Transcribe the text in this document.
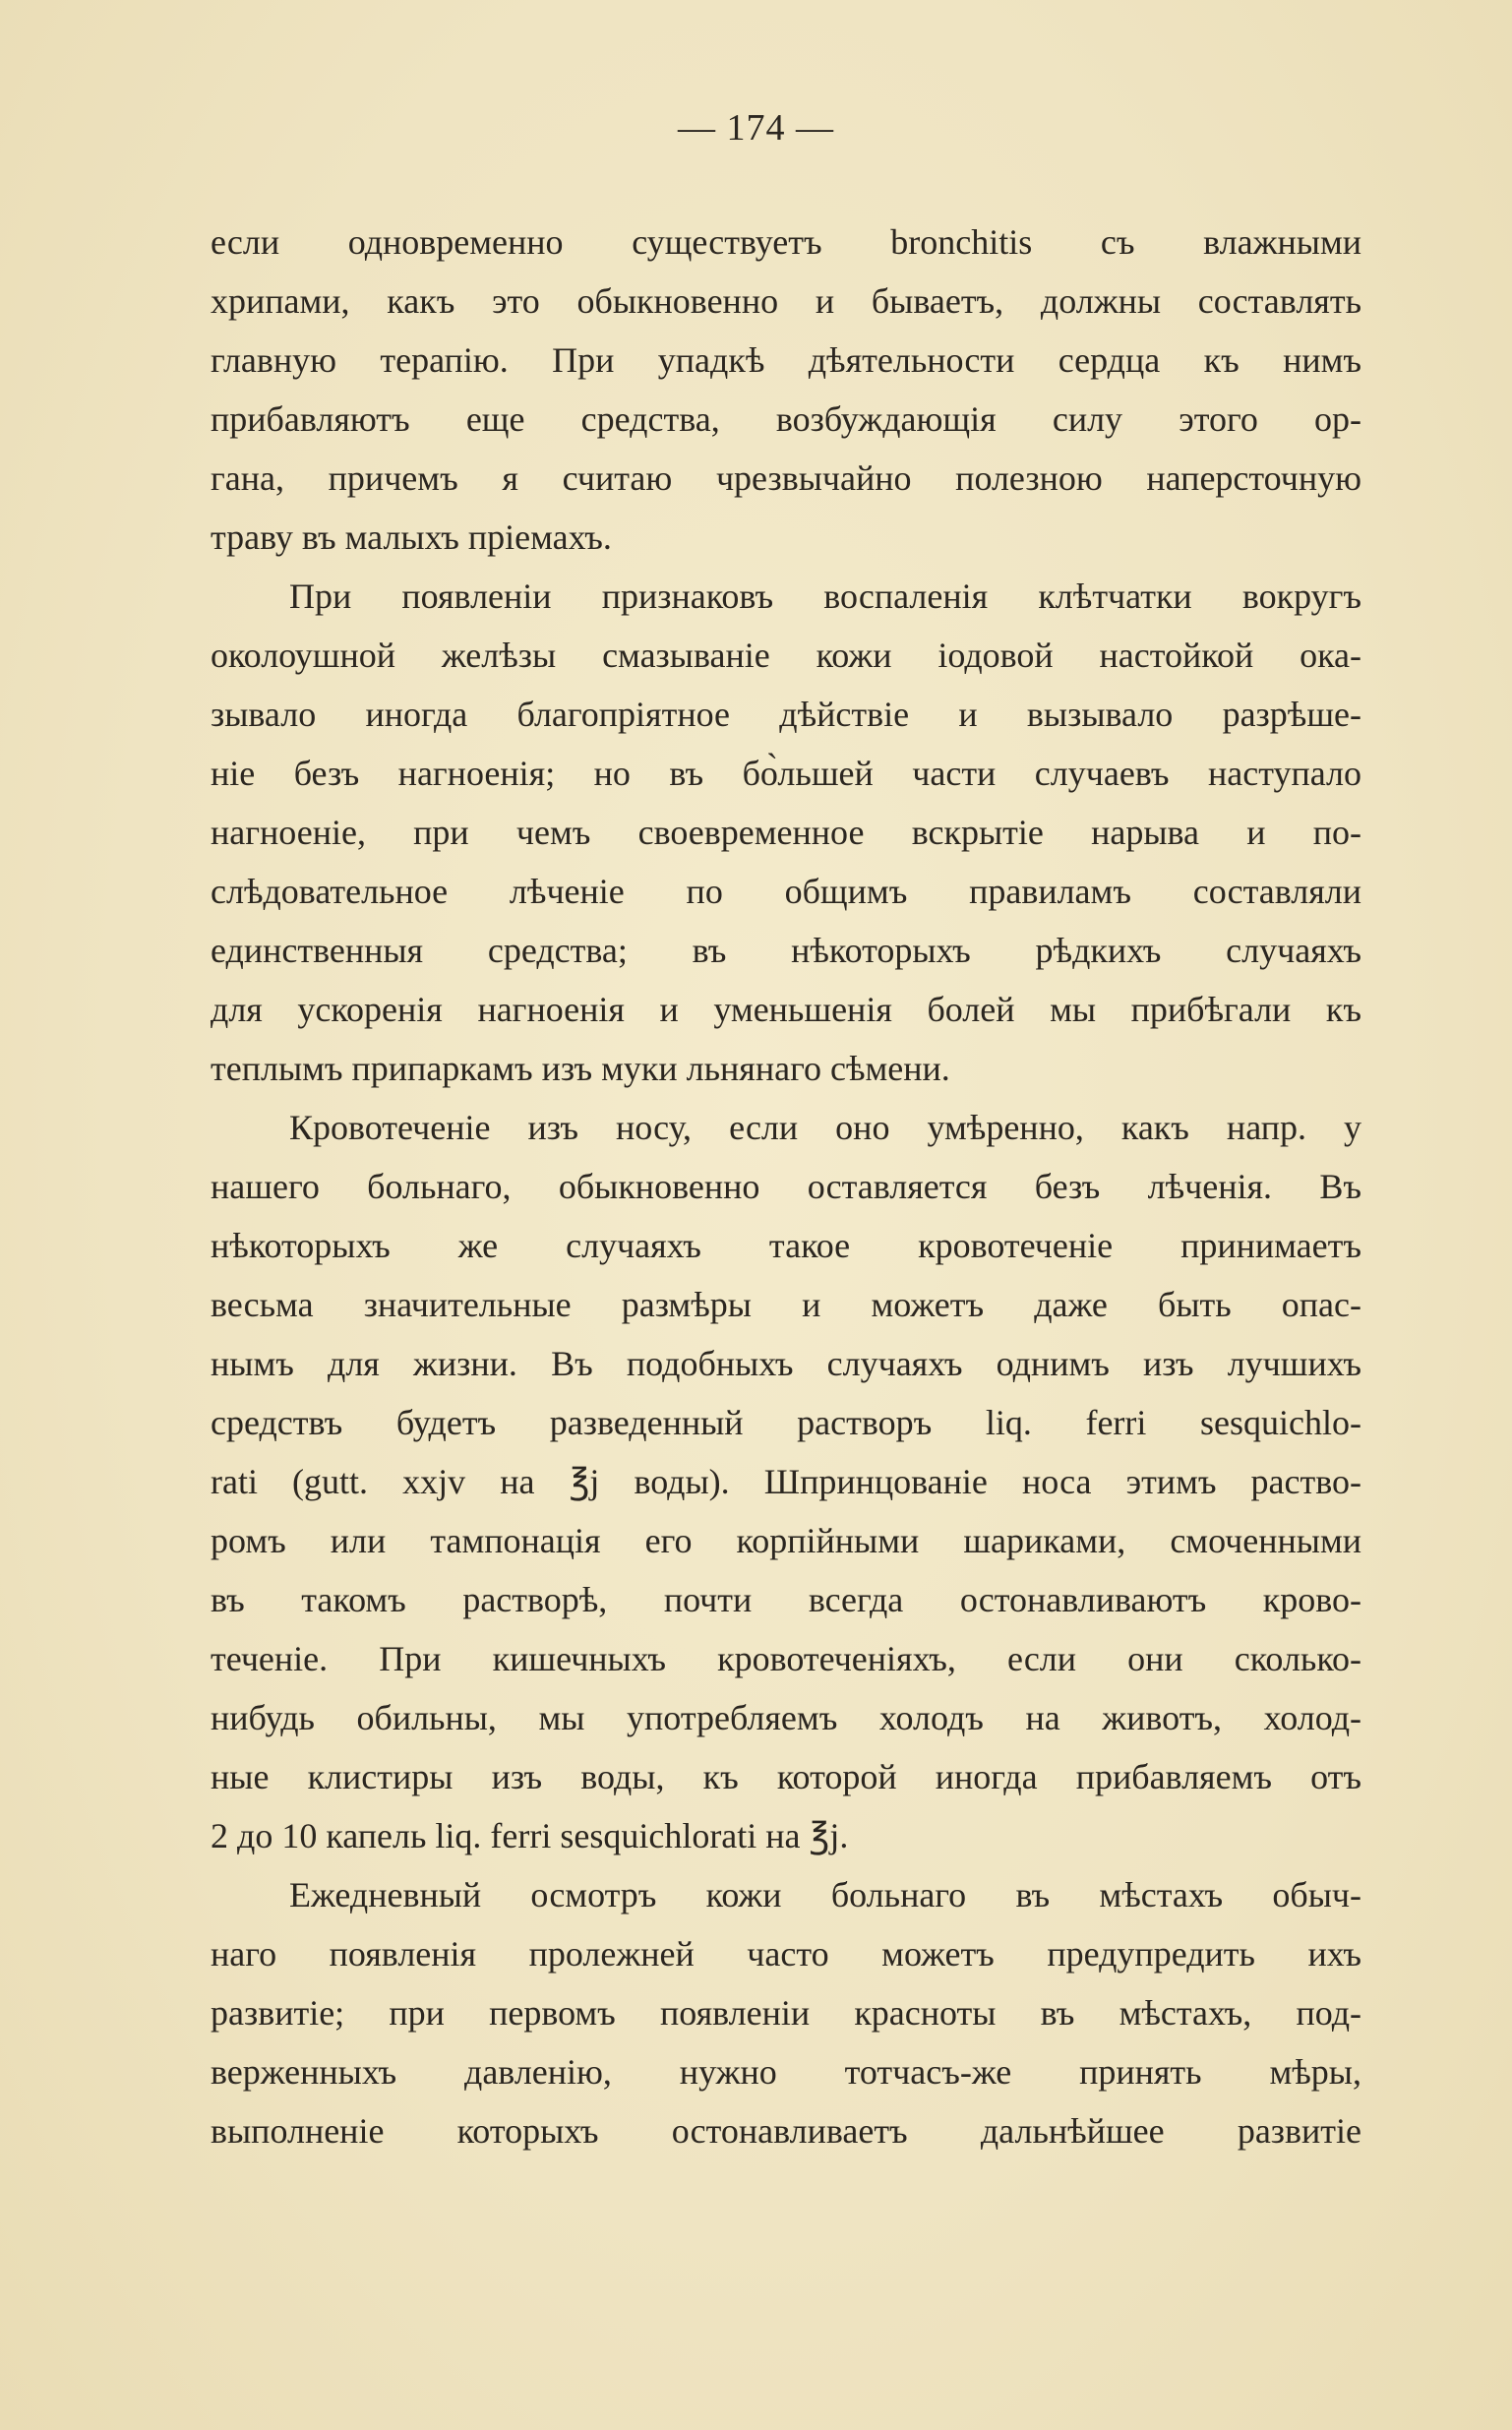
— 174 —
если одновременно существуетъ bronchitis съ влажными
хрипами, какъ это обыкновенно и бываетъ, должны составлять
главную терапію. При упадкѣ дѣятельности сердца къ нимъ
прибавляютъ еще средства, возбуждающія силу этого ор-
гана, причемъ я считаю чрезвычайно полезною наперсточную
траву въ малыхъ пріемахъ.
При появленіи признаковъ воспаленія клѣтчатки вокругъ
околоушной желѣзы смазываніе кожи іодовой настойкой ока-
зывало иногда благопріятное дѣйствіе и вызывало разрѣше-
ніе безъ нагноенія; но въ бо̀льшей части случаевъ наступало
нагноеніе, при чемъ своевременное вскрытіе нарыва и по-
слѣдовательное лѣченіе по общимъ правиламъ составляли
единственныя средства; въ нѣкоторыхъ рѣдкихъ случаяхъ
для ускоренія нагноенія и уменьшенія болей мы прибѣгали къ
теплымъ припаркамъ изъ муки льнянаго сѣмени.
Кровотеченіе изъ носу, если оно умѣренно, какъ напр. у
нашего больнаго, обыкновенно оставляется безъ лѣченія. Въ
нѣкоторыхъ же случаяхъ такое кровотеченіе принимаетъ
весьма значительные размѣры и можетъ даже быть опас-
нымъ для жизни. Въ подобныхъ случаяхъ однимъ изъ лучшихъ
средствъ будетъ разведенный растворъ liq. ferri sesquichlo-
rati (gutt. xxjv на ℥j воды). Шпринцованіе носа этимъ раство-
ромъ или тампонація его корпійными шариками, смоченными
въ такомъ растворѣ, почти всегда остонавливаютъ крово-
теченіе. При кишечныхъ кровотеченіяхъ, если они сколько-
нибудь обильны, мы употребляемъ холодъ на животъ, холод-
ные клистиры изъ воды, къ которой иногда прибавляемъ отъ
2 до 10 капель liq. ferri sesquichlorati на ℥j.
Ежедневный осмотръ кожи больнаго въ мѣстахъ обыч-
наго появленія пролежней часто можетъ предупредить ихъ
развитіе; при первомъ появленіи красноты въ мѣстахъ, под-
верженныхъ давленію, нужно тотчасъ-же принять мѣры,
выполненіе которыхъ остонавливаетъ дальнѣйшее развитіе
